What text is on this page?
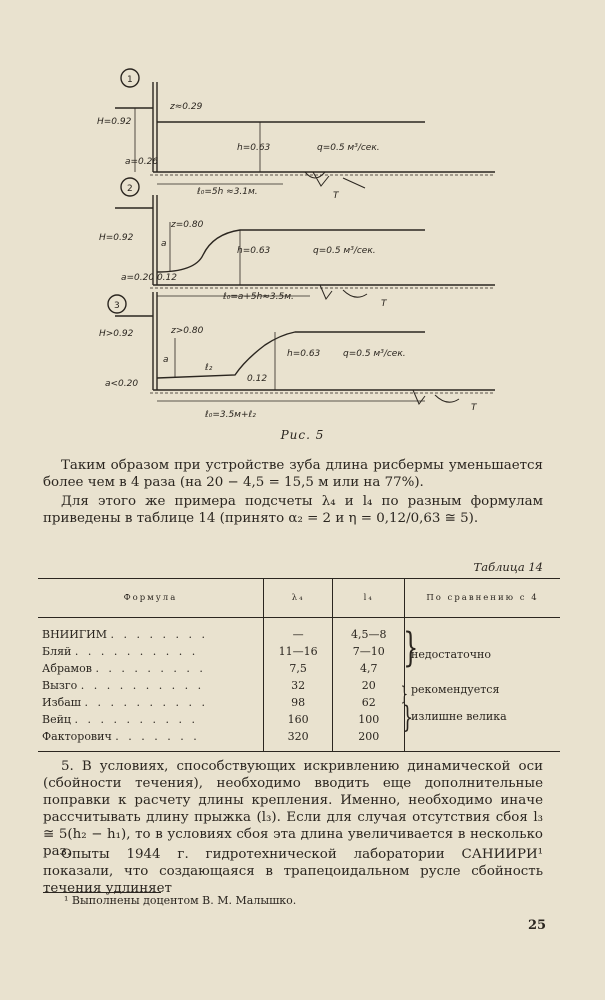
1
z≈0.29
H=0.92
h=0.63	q=0.5 м³/сек.
a=0.26
ℓ₀=5h ≈3.1м.	T
2
z=0.80
H=0.92
a
h=0.63	q=0.5 м³/сек.
a=0.20 0.12
ℓ₀=a+5h≈3.5м.
T
3
H>0.92	z>0.80
a
ℓ₂
h=0.63	q=0.5 м³/сек.
a<0.20	0.12
ℓ₀=3.5м+ℓ₂
T
Рис. 5
Таким образом при устройстве зуба длина рисбермы уменьшается более чем в 4 раза (на 20 − 4,5 = 15,5 м или на 77%).
Для этого же примера подсчеты λ₄ и l₄ по разным формулам приведены в таблице 14 (принято α₂ = 2 и η = 0,12/0,63 ≅ 5).
Таблица 14
Формула	λ₄	l₄	По сравнению с 4
ВНИИГИМ . . . . . . . .	—	4,5—8	
Бляй . . . . . . . . . .	11—16	7—10	
Абрамов . . . . . . . . .	7,5	4,7	
Вызго . . . . . . . . . .	32	20	
Избаш . . . . . . . . . .	98	62	
Вейц . . . . . . . . . .	160	100	
Факторович . . . . . . .	320	200	
}
}
}
недостаточно
рекомендуется
излишне велика
5. В условиях, способствующих искривлению динамической оси (сбойности течения), необходимо вводить еще дополнительные поправки к расчету длины крепления. Именно, необходимо иначе рассчитывать длину прыжка (l₃). Если для случая отсутствия сбоя l₃ ≅ 5(h₂ − h₁), то в условиях сбоя эта длина увеличивается в несколько раз.
Опыты 1944 г. гидротехнической лаборатории САНИИРИ¹ показали, что создающаяся в трапецоидальном русле сбойность течения удлиняет
¹ Выполнены доцентом В. М. Малышко.
25
